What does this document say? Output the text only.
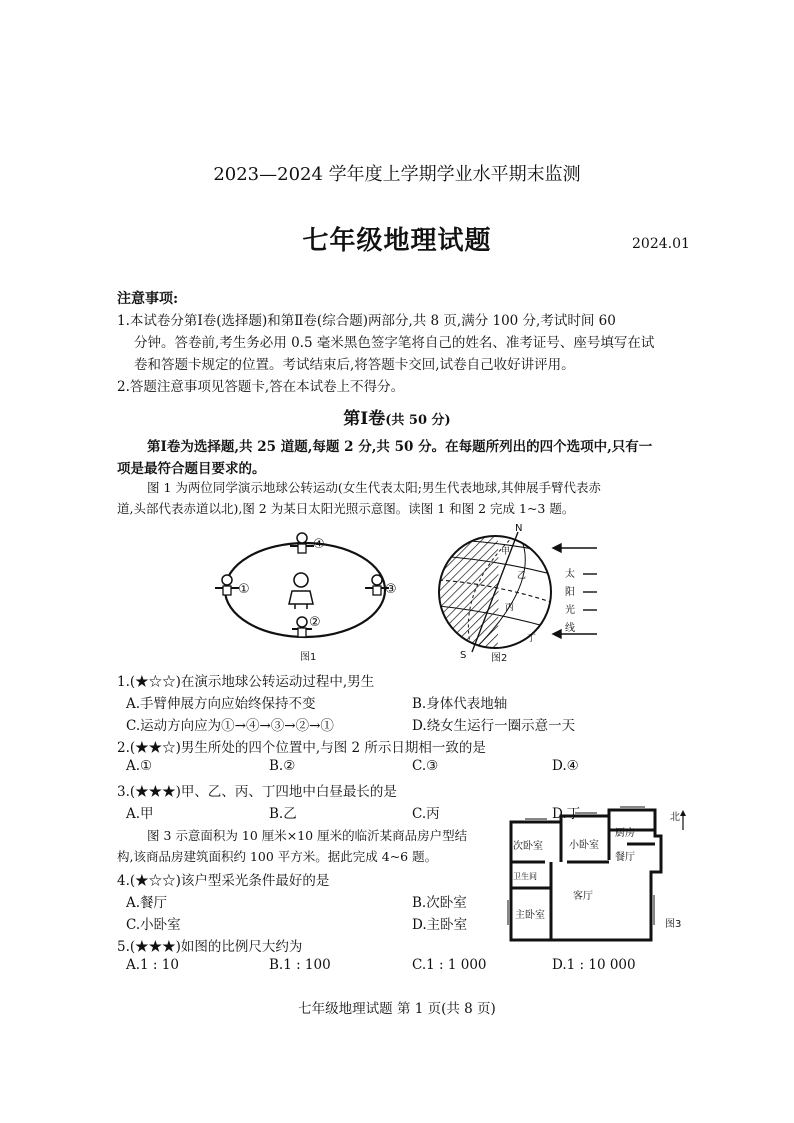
2023—2024 学年度上学期学业水平期末监测
七年级地理试题	2024.01
注意事项:
1.本试卷分第Ⅰ卷(选择题)和第Ⅱ卷(综合题)两部分,共 8 页,满分 100 分,考试时间 60
分钟。答卷前,考生务必用 0.5 毫米黑色签字笔将自己的姓名、准考证号、座号填写在试
卷和答题卡规定的位置。考试结束后,将答题卡交回,试卷自己收好讲评用。
2.答题注意事项见答题卡,答在本试卷上不得分。
第Ⅰ卷(共 50 分)
第Ⅰ卷为选择题,共 25 道题,每题 2 分,共 50 分。在每题所列出的四个选项中,只有一
项是最符合题目要求的。
图 1 为两位同学演示地球公转运动(女生代表太阳;男生代表地球,其伸展手臂代表赤
道,头部代表赤道以北),图 2 为某日太阳光照示意图。读图 1 和图 2 完成 1~3 题。
④
①	③
②
图1
N
S
甲
乙
丙
丁
太
阳
光
线
图2
1.(★☆☆)在演示地球公转运动过程中,男生
A.手臂伸展方向应始终保持不变	B.身体代表地轴
C.运动方向应为①→④→③→②→①	D.绕女生运行一圈示意一天
2.(★★☆)男生所处的四个位置中,与图 2 所示日期相一致的是
A.①	B.②	C.③	D.④
3.(★★★)甲、乙、丙、丁四地中白昼最长的是
A.甲	B.乙	C.丙	D.丁
图 3 示意面积为 10 厘米×10 厘米的临沂某商品房户型结
构,该商品房建筑面积约 100 平方米。据此完成 4~6 题。
4.(★☆☆)该户型采光条件最好的是
A.餐厅	B.次卧室
C.小卧室	D.主卧室
5.(★★★)如图的比例尺大约为
A.1 : 10	B.1 : 100	C.1 : 1 000	D.1 : 10 000
次卧室	小卧室
厨房
餐厅
卫生间
客厅
主卧室
北
图3
七年级地理试题 第 1 页(共 8 页)
